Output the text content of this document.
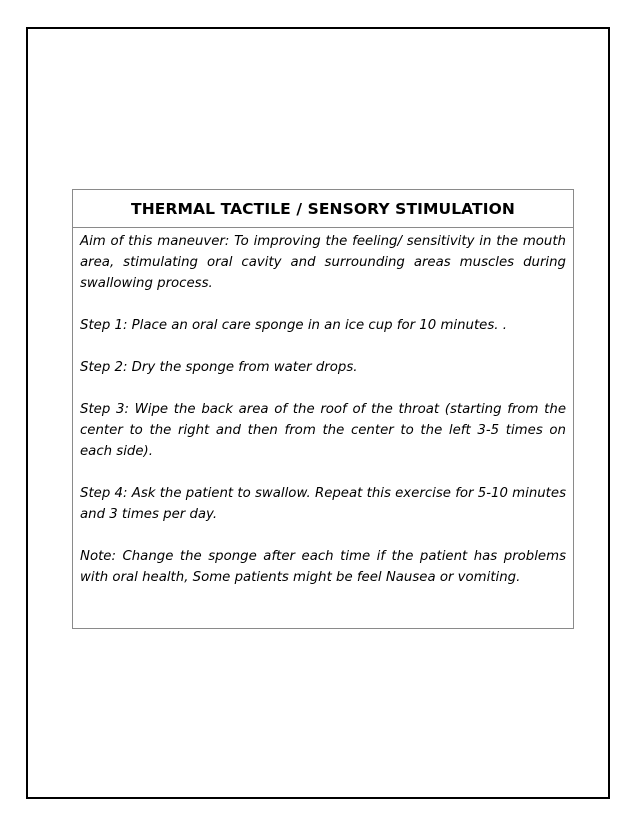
THERMAL TACTILE / SENSORY STIMULATION

Aim of this maneuver: To improving the feeling/ sensitivity in the mouth area, stimulating oral cavity and surrounding areas muscles during swallowing process.

Step 1: Place an oral care sponge in an ice cup for 10 minutes. .

Step 2: Dry the sponge from water drops.

Step 3: Wipe the back area of the roof of the throat (starting from the center to the right and then from the center to the left 3-5 times on each side).

Step 4: Ask the patient to swallow. Repeat this exercise for 5-10 minutes and 3 times per day.

Note: Change the sponge after each time if the patient has problems with oral health, Some patients might be feel Nausea or vomiting.
